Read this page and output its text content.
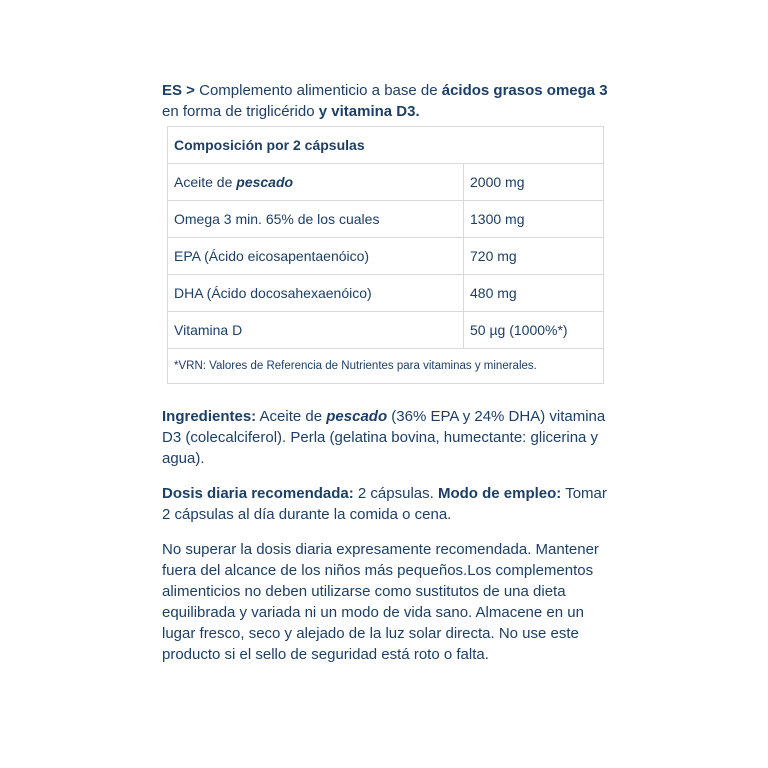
ES > Complemento alimenticio a base de ácidos grasos omega 3 en forma de triglicérido y vitamina D3.

Composición por 2 cápsulas	
Aceite de pescado	2000 mg
Omega 3 min. 65% de los cuales	1300 mg
EPA (Ácido eicosapentaenóico)	720 mg
DHA (Ácido docosahexaenóico)	480 mg
Vitamina D	50 µg (1000%*)
*VRN: Valores de Referencia de Nutrientes para vitaminas y minerales.	

Ingredientes: Aceite de pescado (36% EPA y 24% DHA) vitamina D3 (colecalciferol). Perla (gelatina bovina, humectante: glicerina y agua).

Dosis diaria recomendada: 2 cápsulas. Modo de empleo: Tomar 2 cápsulas al día durante la comida o cena.

No superar la dosis diaria expresamente recomendada. Mantener fuera del alcance de los niños más pequeños.Los complementos alimenticios no deben utilizarse como sustitutos de una dieta equilibrada y variada ni un modo de vida sano. Almacene en un lugar fresco, seco y alejado de la luz solar directa. No use este producto si el sello de seguridad está roto o falta.
